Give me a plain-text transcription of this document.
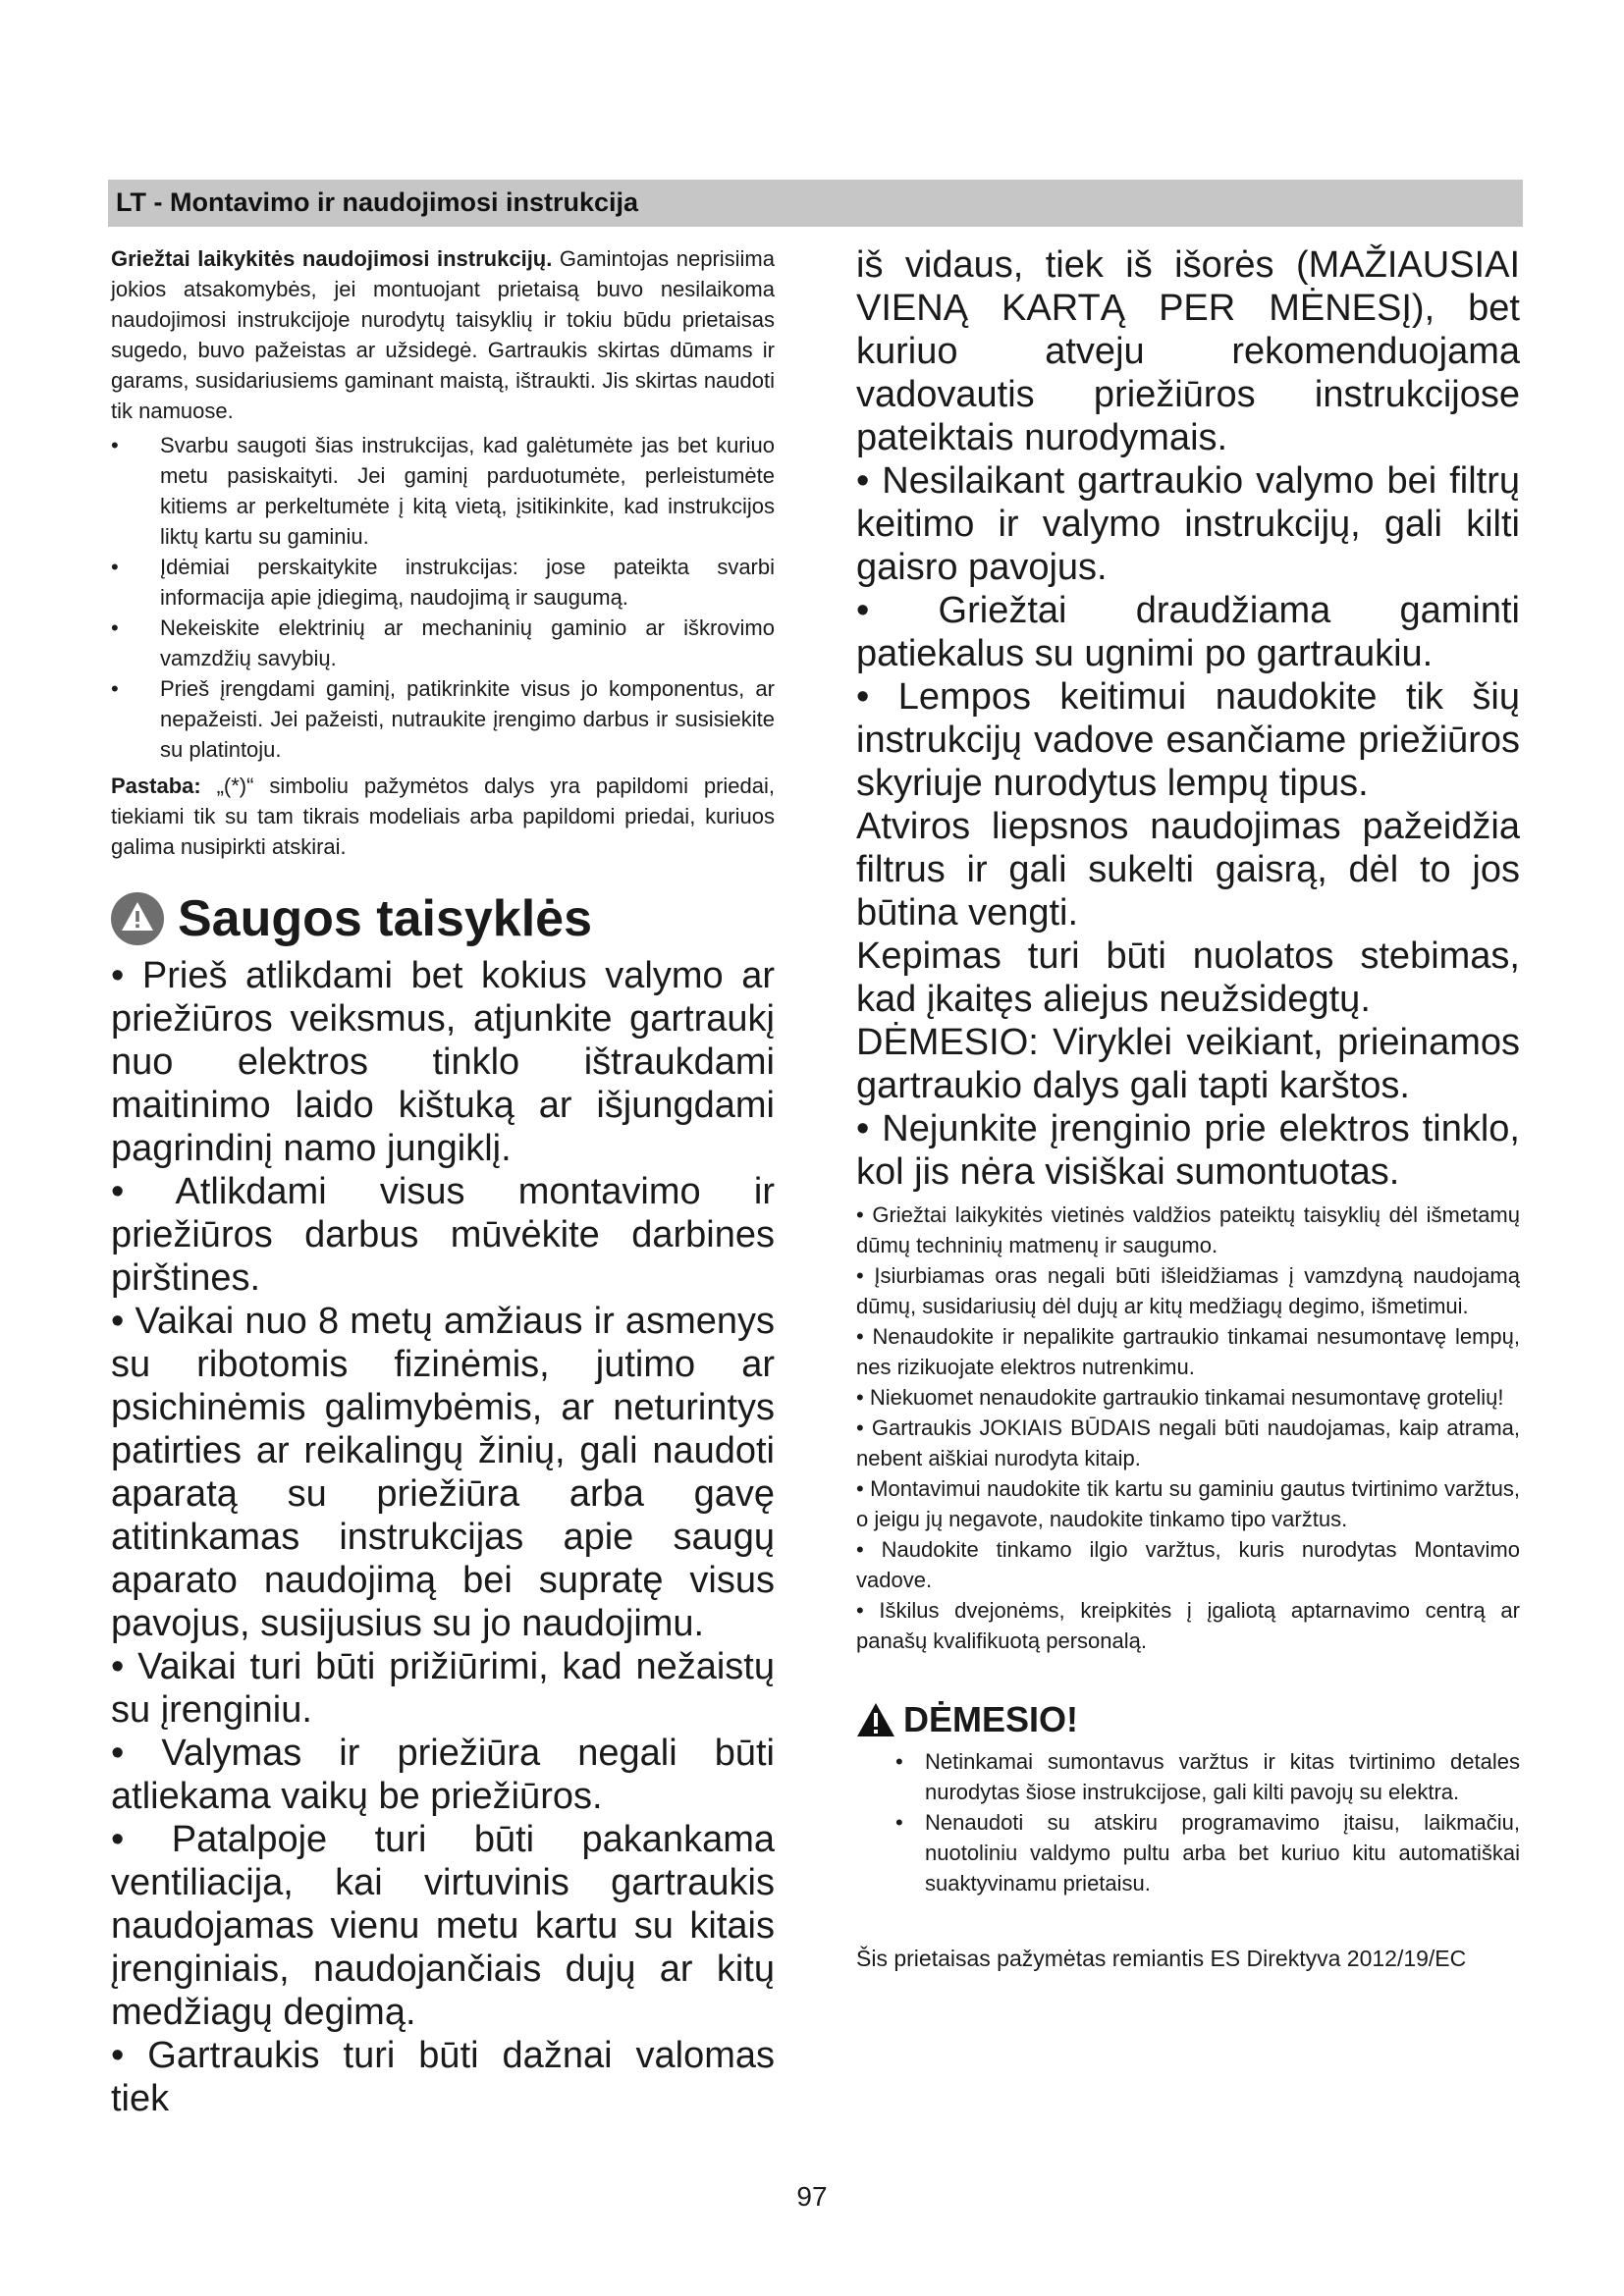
LT - Montavimo ir naudojimosi instrukcija

Griežtai laikykitės naudojimosi instrukcijų. Gamintojas neprisiima jokios atsakomybės, jei montuojant prietaisą buvo nesilaikoma naudojimosi instrukcijoje nurodytų taisyklių ir tokiu būdu prietaisas sugedo, buvo pažeistas ar užsidegė. Gartraukis skirtas dūmams ir garams, susidariusiems gaminant maistą, ištraukti. Jis skirtas naudoti tik namuose.

•	Svarbu saugoti šias instrukcijas, kad galėtumėte jas bet kuriuo metu pasiskaityti. Jei gaminį parduotumėte, perleistumėte kitiems ar perkeltumėte į kitą vietą, įsitikinkite, kad instrukcijos liktų kartu su gaminiu.
•	Įdėmiai perskaitykite instrukcijas: jose pateikta svarbi informacija apie įdiegimą, naudojimą ir saugumą.
•	Nekeiskite elektrinių ar mechaninių gaminio ar iškrovimo vamzdžių savybių.
•	Prieš įrengdami gaminį, patikrinkite visus jo komponentus, ar nepažeisti. Jei pažeisti, nutraukite įrengimo darbus ir susisiekite su platintoju.

Pastaba: „(*)“ simboliu pažymėtos dalys yra papildomi priedai, tiekiami tik su tam tikrais modeliais arba papildomi priedai, kuriuos galima nusipirkti atskirai.

Saugos taisyklės

• Prieš atlikdami bet kokius valymo ar priežiūros veiksmus, atjunkite gartraukį nuo elektros tinklo ištraukdami maitinimo laido kištuką ar išjungdami pagrindinį namo jungiklį.

• Atlikdami visus montavimo ir priežiūros darbus mūvėkite darbines pirštines.

• Vaikai nuo 8 metų amžiaus ir asmenys su ribotomis fizinėmis, jutimo ar psichinėmis galimybėmis, ar neturintys patirties ar reikalingų žinių, gali naudoti aparatą su priežiūra arba gavę atitinkamas instrukcijas apie saugų aparato naudojimą bei supratę visus pavojus, susijusius su jo naudojimu.

• Vaikai turi būti prižiūrimi, kad nežaistų su įrenginiu.

• Valymas ir priežiūra negali būti atliekama vaikų be priežiūros.

• Patalpoje turi būti pakankama ventiliacija, kai virtuvinis gartraukis naudojamas vienu metu kartu su kitais įrenginiais, naudojančiais dujų ar kitų medžiagų degimą.

• Gartraukis turi būti dažnai valomas tiek

iš vidaus, tiek iš išorės (MAŽIAUSIAI VIENĄ KARTĄ PER MĖNESĮ), bet kuriuo atveju rekomenduojama vadovautis priežiūros instrukcijose pateiktais nurodymais.

• Nesilaikant gartraukio valymo bei filtrų keitimo ir valymo instrukcijų, gali kilti gaisro pavojus.

• Griežtai draudžiama gaminti patiekalus su ugnimi po gartraukiu.

• Lempos keitimui naudokite tik šių instrukcijų vadove esančiame priežiūros skyriuje nurodytus lempų tipus.

Atviros liepsnos naudojimas pažeidžia filtrus ir gali sukelti gaisrą, dėl to jos būtina vengti.

Kepimas turi būti nuolatos stebimas, kad įkaitęs aliejus neužsidegtų.

DĖMESIO: Viryklei veikiant, prieinamos gartraukio dalys gali tapti karštos.

• Nejunkite įrenginio prie elektros tinklo, kol jis nėra visiškai sumontuotas.

• Griežtai laikykitės vietinės valdžios pateiktų taisyklių dėl išmetamų dūmų techninių matmenų ir saugumo.

• Įsiurbiamas oras negali būti išleidžiamas į vamzdyną naudojamą dūmų, susidariusių dėl dujų ar kitų medžiagų degimo, išmetimui.

• Nenaudokite ir nepalikite gartraukio tinkamai nesumontavę lempų, nes rizikuojate elektros nutrenkimu.

• Niekuomet nenaudokite gartraukio tinkamai nesumontavę grotelių!

• Gartraukis JOKIAIS BŪDAIS negali būti naudojamas, kaip atrama, nebent aiškiai nurodyta kitaip.

• Montavimui naudokite tik kartu su gaminiu gautus tvirtinimo varžtus, o jeigu jų negavote, naudokite tinkamo tipo varžtus.

• Naudokite tinkamo ilgio varžtus, kuris nurodytas Montavimo vadove.

• Iškilus dvejonėms, kreipkitės į įgaliotą aptarnavimo centrą ar panašų kvalifikuotą personalą.

DĖMESIO!
•	Netinkamai sumontavus varžtus ir kitas tvirtinimo detales nurodytas šiose instrukcijose, gali kilti pavojų su elektra.
•	Nenaudoti su atskiru programavimo įtaisu, laikmačiu, nuotoliniu valdymo pultu arba bet kuriuo kitu automatiškai suaktyvinamu prietaisu.

Šis prietaisas pažymėtas remiantis ES Direktyva 2012/19/EC

97
